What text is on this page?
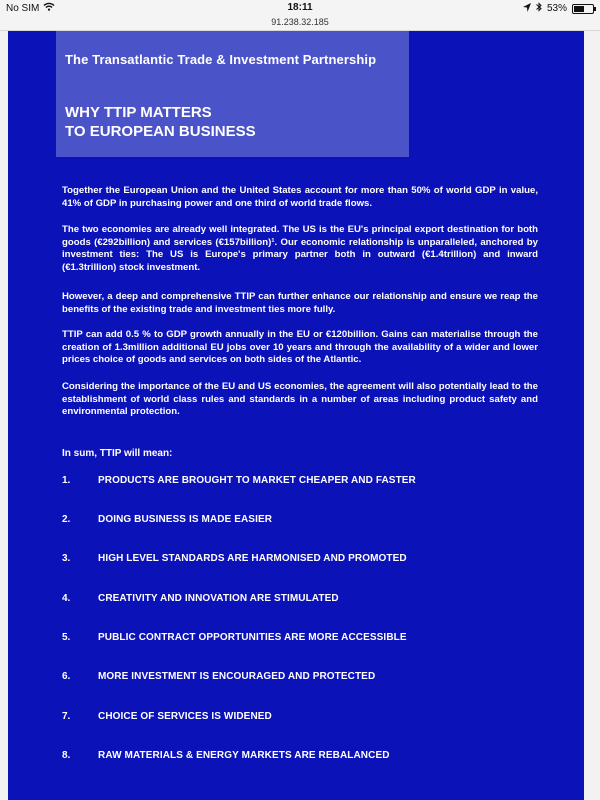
No SIM	18:11	53%
91.238.32.185
The Transatlantic Trade & Investment Partnership
WHY TTIP MATTERS
TO EUROPEAN BUSINESS

Together the European Union and the United States account for more than 50% of world GDP in value, 41% of GDP in purchasing power and one third of world trade flows.

The two economies are already well integrated. The US is the EU's principal export destination for both goods (€292billion) and services (€157billion)¹. Our economic relationship is unparalleled, anchored by investment ties: The US is Europe's primary partner both in outward (€1.4trillion) and inward (€1.3trillion) stock investment.

However, a deep and comprehensive TTIP can further enhance our relationship and ensure we reap the benefits of the existing trade and investment ties more fully.

TTIP can add 0.5 % to GDP growth annually in the EU or €120billion. Gains can materialise through the creation of 1.3million additional EU jobs over 10 years and through the availability of a wider and lower prices choice of goods and services on both sides of the Atlantic.

Considering the importance of the EU and US economies, the agreement will also potentially lead to the establishment of world class rules and standards in a number of areas including product safety and environmental protection.

In sum, TTIP will mean:
1.	PRODUCTS ARE BROUGHT TO MARKET CHEAPER AND FASTER
2.	DOING BUSINESS IS MADE EASIER
3.	HIGH LEVEL STANDARDS ARE HARMONISED AND PROMOTED
4.	CREATIVITY AND INNOVATION ARE STIMULATED
5.	PUBLIC CONTRACT OPPORTUNITIES ARE MORE ACCESSIBLE
6.	MORE INVESTMENT IS ENCOURAGED AND PROTECTED
7.	CHOICE OF SERVICES IS WIDENED
8.	RAW MATERIALS & ENERGY MARKETS ARE REBALANCED
